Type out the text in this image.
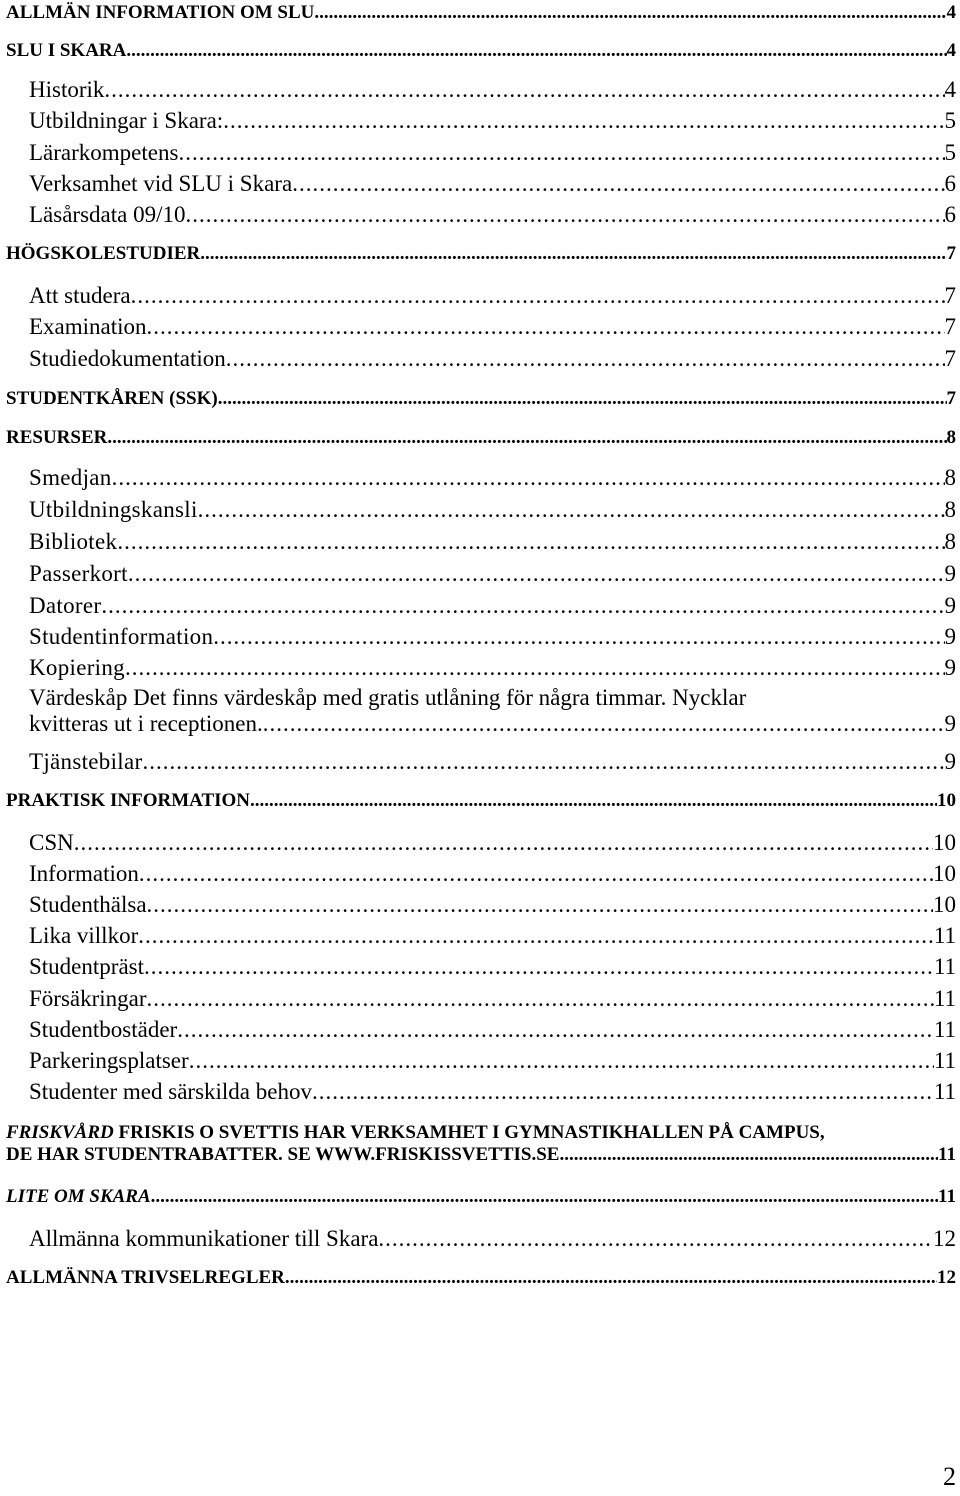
ALLMÄN INFORMATION OM SLU .....	4
SLU I SKARA .....	4
Historik .....	4
Utbildningar i Skara: .....	5
Lärarkompetens .....	5
Verksamhet vid SLU i Skara .....	6
Läsårsdata 09/10 .....	6
HÖGSKOLESTUDIER .....	7
Att studera .....	7
Examination .....	7
Studiedokumentation .....	7
STUDENTKÅREN (SSK) .....	7
RESURSER .....	8
Smedjan .....	8
Utbildningskansli .....	8
Bibliotek .....	8
Passerkort .....	9
Datorer .....	9
Studentinformation .....	9
Kopiering .....	9
Värdeskåp Det finns värdeskåp med gratis utlåning för några timmar. Nycklar
kvitteras ut i receptionen. .....	9
Tjänstebilar .....	9
PRAKTISK INFORMATION .....	10
CSN .....	10
Information .....	10
Studenthälsa .....	10
Lika villkor .....	11
Studentpräst .....	11
Försäkringar .....	11
Studentbostäder .....	11
Parkeringsplatser .....	11
Studenter med särskilda behov .....	11
FRISKVÅRD FRISKIS O SVETTIS HAR VERKSAMHET I GYMNASTIKHALLEN PÅ CAMPUS,
DE HAR STUDENTRABATTER. SE WWW.FRISKISSVETTIS.SE .....	11
LITE OM SKARA .....	11
Allmänna kommunikationer till Skara .....	12
ALLMÄNNA TRIVSELREGLER .....	12
2
